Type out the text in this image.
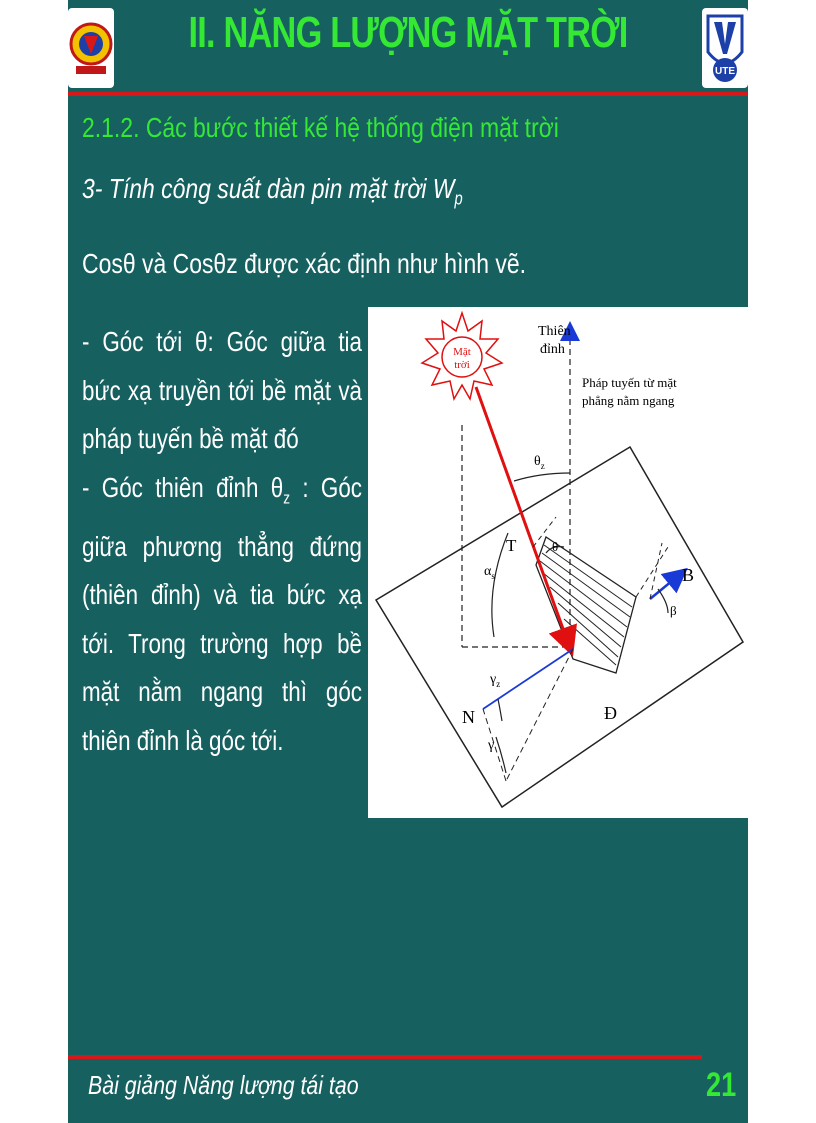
II. NĂNG LƯỢNG MẶT TRỜI
UTE
2.1.2. Các bước thiết kế hệ thống điện mặt trời
3- Tính công suất dàn pin mặt trời $W_p$
Cosθ và Cosθz được xác định như hình vẽ.

- Góc tới θ: Góc giữa tia bức xạ truyền tới bề mặt và pháp tuyến bề mặt đó

- Góc thiên đỉnh $\theta_z$ : Góc giữa phương thẳng đứng (thiên đỉnh) và tia bức xạ tới. Trong trường hợp bề mặt nằm ngang thì góc thiên đỉnh là góc tới.

Mặt
trời
Thiên
đỉnh
Pháp tuyến từ mặt
phẳng nằm ngang
$\theta_z$
θ
$\alpha_s$
T
B
β
$\gamma_z$
N
γ
Đ
Bài giảng Năng lượng tái tạo	21
